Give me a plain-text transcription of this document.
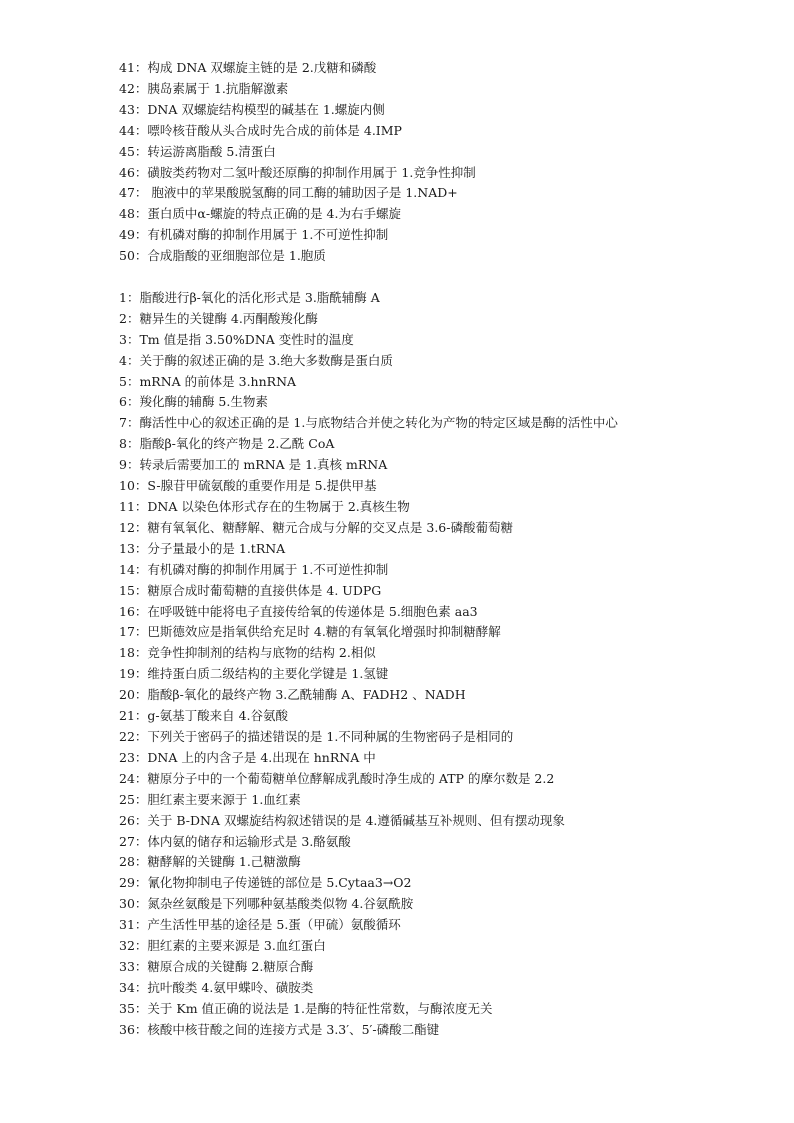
41：构成 DNA 双螺旋主链的是 2.戊糖和磷酸
42：胰岛素属于 1.抗脂解激素
43：DNA 双螺旋结构模型的碱基在 1.螺旋内侧
44：嘌呤核苷酸从头合成时先合成的前体是 4.IMP
45：转运游离脂酸 5.清蛋白
46：磺胺类药物对二氢叶酸还原酶的抑制作用属于 1.竞争性抑制
47： 胞液中的苹果酸脱氢酶的同工酶的辅助因子是 1.NAD+
48：蛋白质中α-螺旋的特点正确的是 4.为右手螺旋
49：有机磷对酶的抑制作用属于 1.不可逆性抑制
50：合成脂酸的亚细胞部位是 1.胞质
1：脂酸进行β-氧化的活化形式是 3.脂酰辅酶 A
2：糖异生的关键酶 4.丙酮酸羧化酶
3：Tm 值是指 3.50%DNA 变性时的温度
4：关于酶的叙述正确的是 3.绝大多数酶是蛋白质
5：mRNA 的前体是 3.hnRNA
6：羧化酶的辅酶 5.生物素
7：酶活性中心的叙述正确的是 1.与底物结合并使之转化为产物的特定区域是酶的活性中心
8：脂酸β-氧化的终产物是 2.乙酰 CoA
9：转录后需要加工的 mRNA 是 1.真核 mRNA
10：S-腺苷甲硫氨酸的重要作用是 5.提供甲基
11：DNA 以染色体形式存在的生物属于 2.真核生物
12：糖有氧氧化、糖酵解、糖元合成与分解的交叉点是 3.6-磷酸葡萄糖
13：分子量最小的是 1.tRNA
14：有机磷对酶的抑制作用属于 1.不可逆性抑制
15：糖原合成时葡萄糖的直接供体是 4. UDPG
16：在呼吸链中能将电子直接传给氧的传递体是 5.细胞色素 aa3
17：巴斯德效应是指氧供给充足时 4.糖的有氧氧化增强时抑制糖酵解
18：竞争性抑制剂的结构与底物的结构 2.相似
19：维持蛋白质二级结构的主要化学键是 1.氢键
20：脂酸β-氧化的最终产物 3.乙酰辅酶 A、FADH2 、NADH
21：g-氨基丁酸来自 4.谷氨酸
22：下列关于密码子的描述错误的是 1.不同种属的生物密码子是相同的
23：DNA 上的内含子是 4.出现在 hnRNA 中
24：糖原分子中的一个葡萄糖单位酵解成乳酸时净生成的 ATP 的摩尔数是 2.2
25：胆红素主要来源于 1.血红素
26：关于 B-DNA 双螺旋结构叙述错误的是 4.遵循碱基互补规则、但有摆动现象
27：体内氨的储存和运输形式是 3.酪氨酸
28：糖酵解的关键酶 1.己糖激酶
29：氰化物抑制电子传递链的部位是 5.Cytaa3→O2
30：氮杂丝氨酸是下列哪种氨基酸类似物 4.谷氨酰胺
31：产生活性甲基的途径是 5.蛋（甲硫）氨酸循环
32：胆红素的主要来源是 3.血红蛋白
33：糖原合成的关键酶 2.糖原合酶
34：抗叶酸类 4.氨甲蝶呤、磺胺类
35：关于 Km 值正确的说法是 1.是酶的特征性常数，与酶浓度无关
36：核酸中核苷酸之间的连接方式是 3.3′、5′-磷酸二酯键
